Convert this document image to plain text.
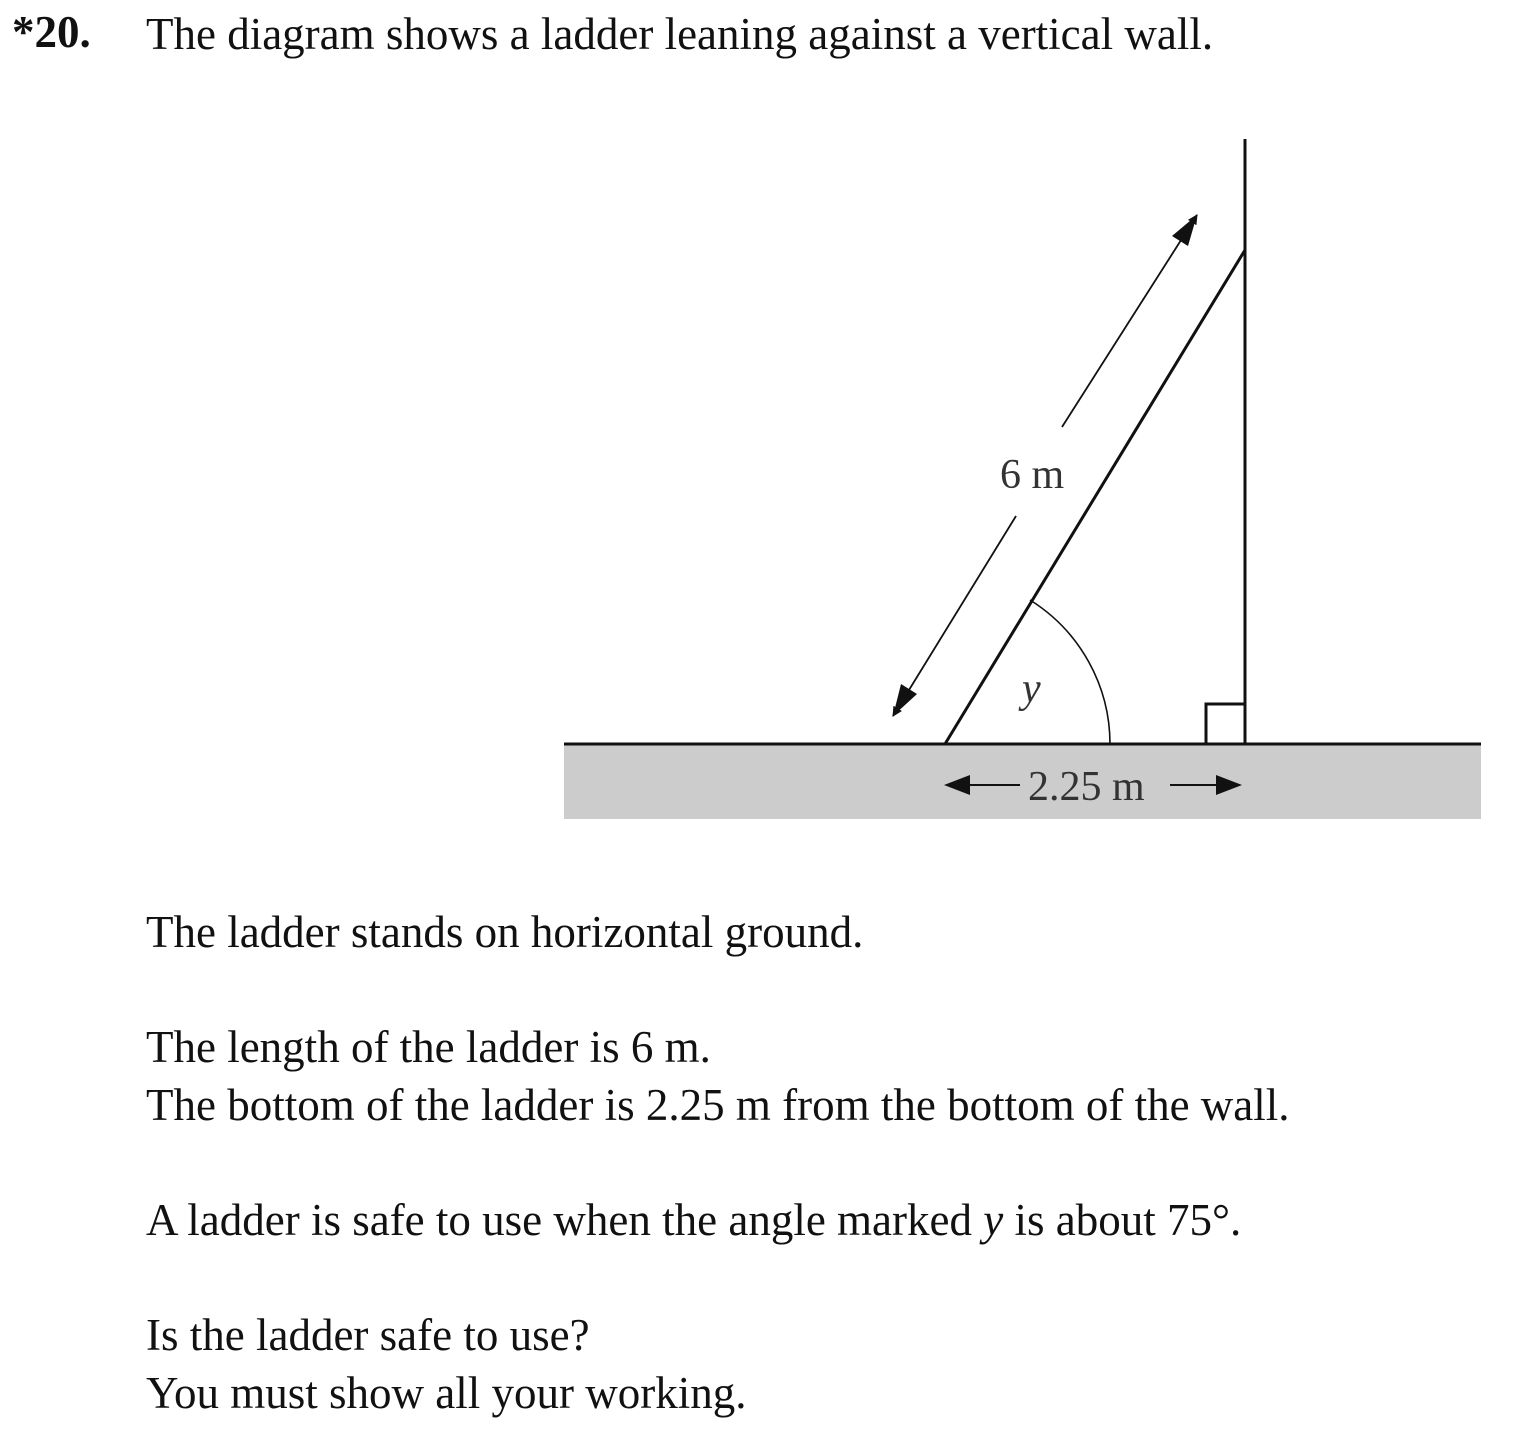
6 m
y
2.25 m
*20. The diagram shows a ladder leaning against a vertical wall.
The ladder stands on horizontal ground.
The length of the ladder is 6 m.
The bottom of the ladder is 2.25 m from the bottom of the wall.
A ladder is safe to use when the angle marked y is about 75°.
Is the ladder safe to use?
You must show all your working.
